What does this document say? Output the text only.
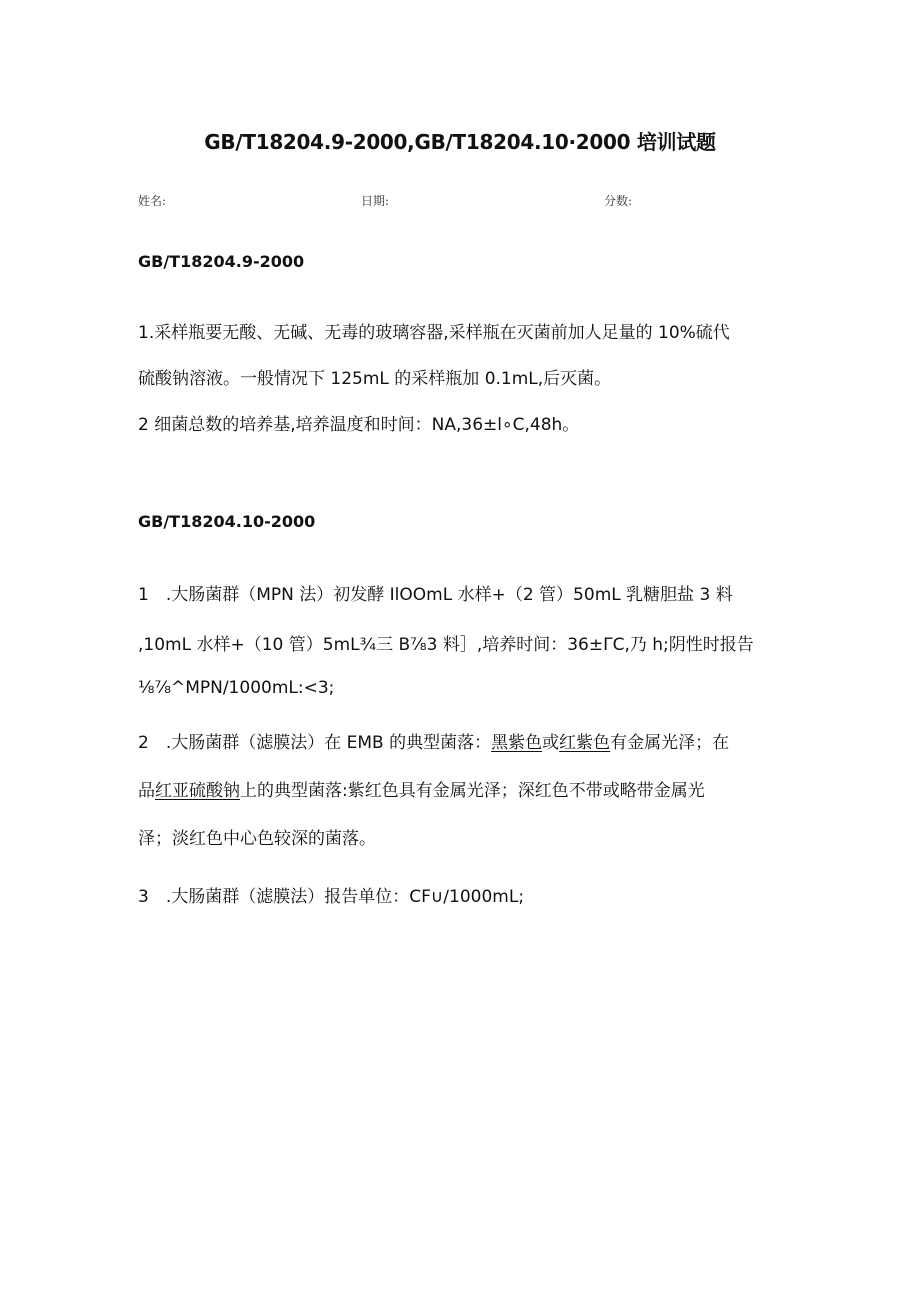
GB/T18204.9-2000,GB/T18204.10·2000 培训试题
姓名:	日期:	分数:
GB/T18204.9-2000
1.采样瓶要无酸、无碱、无毒的玻璃容器,采样瓶在灭菌前加人足量的 10%硫代
硫酸钠溶液。一般情况下 125mL 的采样瓶加 0.1mL,后灭菌。
2 细菌总数的培养基,培养温度和时间：NA,36±l∘C,48h。
GB/T18204.10-2000
1　.大肠菌群（MPN 法）初发酵 IlOOmL 水样+（2 管）50mL 乳糖胆盐 3 料
,10mL 水样+（10 管）5mL¾三 B⅞3 料］,培养时间：36±ΓC,乃 h;阴性时报告
⅛⅞^MPN∕1000mL:<3;
2　.大肠菌群（滤膜法）在 EMB 的典型菌落：黑紫色或红紫色有金属光泽；在
品红亚硫酸钠上的典型菌落:紫红色具有金属光泽；深红色不带或略带金属光
泽；淡红色中心色较深的菌落。
3　.大肠菌群（滤膜法）报告单位：CF∪∕1000mL;
